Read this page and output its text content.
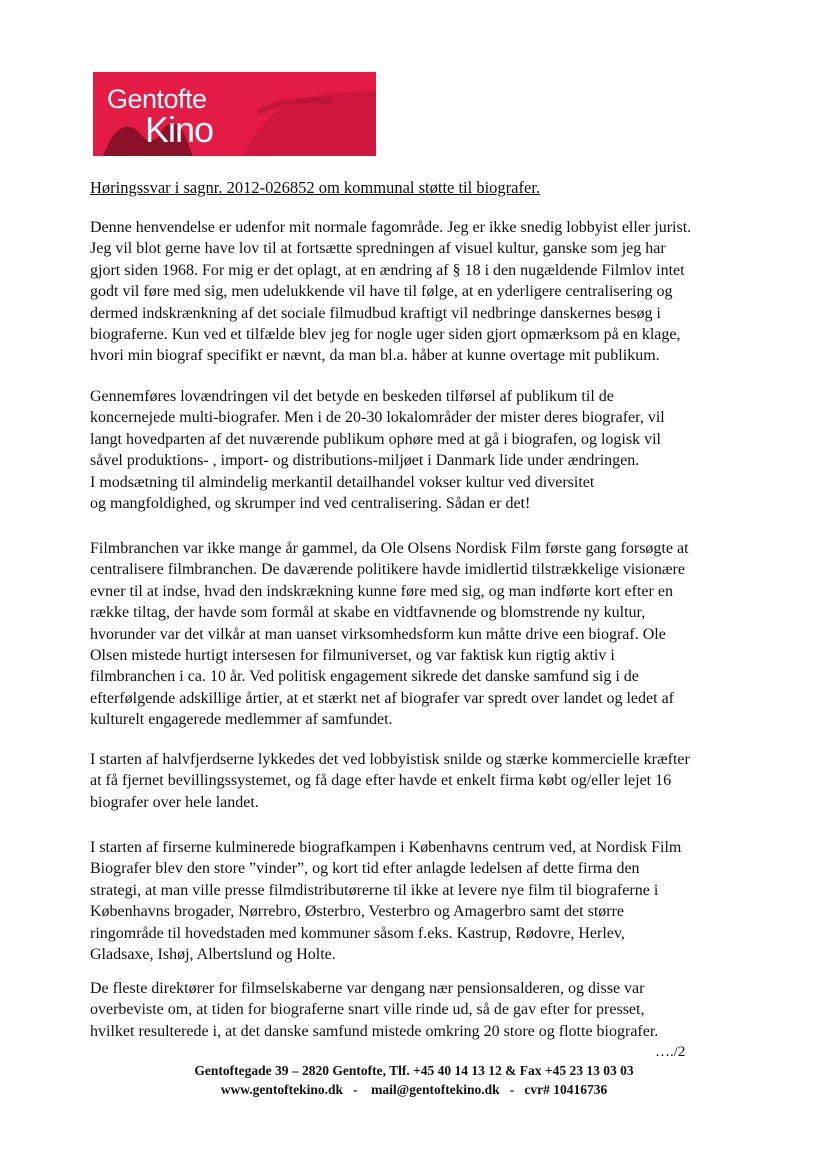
Gentofte
Kino
Høringssvar i sagnr. 2012-026852 om kommunal støtte til biografer.
Denne henvendelse er udenfor mit normale fagområde. Jeg er ikke snedig lobbyist eller jurist.
Jeg vil blot gerne have lov til at fortsætte spredningen af visuel kultur, ganske som jeg har
gjort siden 1968. For mig er det oplagt, at en ændring af § 18 i den nugældende Filmlov intet
godt vil føre med sig, men udelukkende vil have til følge, at en yderligere centralisering og
dermed indskrænkning af det sociale filmudbud kraftigt vil nedbringe danskernes besøg i
biograferne. Kun ved et tilfælde blev jeg for nogle uger siden gjort opmærksom på en klage,
hvori min biograf specifikt er nævnt, da man bl.a. håber at kunne overtage mit publikum.
Gennemføres lovændringen vil det betyde en beskeden tilførsel af publikum til de
koncernejede multi-biografer. Men i de 20-30 lokalområder der mister deres biografer, vil
langt hovedparten af det nuværende publikum ophøre med at gå i biografen, og logisk vil
såvel produktions- , import- og distributions-miljøet i Danmark lide under ændringen.
I modsætning til almindelig merkantil detailhandel vokser kultur ved diversitet
og mangfoldighed, og skrumper ind ved centralisering. Sådan er det!
Filmbranchen var ikke mange år gammel, da Ole Olsens Nordisk Film første gang forsøgte at
centralisere filmbranchen. De daværende politikere havde imidlertid tilstrækkelige visionære
evner til at indse, hvad den indskrækning kunne føre med sig, og man indførte kort efter en
række tiltag, der havde som formål at skabe en vidtfavnende og blomstrende ny kultur,
hvorunder var det vilkår at man uanset virksomhedsform kun måtte drive een biograf. Ole
Olsen mistede hurtigt intersesen for filmuniverset, og var faktisk kun rigtig aktiv i
filmbranchen i ca. 10 år. Ved politisk engagement sikrede det danske samfund sig i de
efterfølgende adskillige årtier, at et stærkt net af biografer var spredt over landet og ledet af
kulturelt engagerede medlemmer af samfundet.
I starten af halvfjerdserne lykkedes det ved lobbyistisk snilde og stærke kommercielle kræfter
at få fjernet bevillingssystemet, og få dage efter havde et enkelt firma købt og/eller lejet 16
biografer over hele landet.
I starten af firserne kulminerede biografkampen i Københavns centrum ved, at Nordisk Film
Biografer blev den store ”vinder”, og kort tid efter anlagde ledelsen af dette firma den
strategi, at man ville presse filmdistributørerne til ikke at levere nye film til biograferne i
Københavns brogader, Nørrebro, Østerbro, Vesterbro og Amagerbro samt det større
ringområde til hovedstaden med kommuner såsom f.eks. Kastrup, Rødovre, Herlev,
Gladsaxe, Ishøj, Albertslund og Holte.
De fleste direktører for filmselskaberne var dengang nær pensionsalderen, og disse var
overbeviste om, at tiden for biograferne snart ville rinde ud, så de gav efter for presset,
hvilket resulterede i, at det danske samfund mistede omkring 20 store og flotte biografer.
…./2
Gentoftegade 39 – 2820 Gentofte, Tlf. +45 40 14 13 12 & Fax +45 23 13 03 03
www.gentoftekino.dk   -    mail@gentoftekino.dk   -   cvr# 10416736
